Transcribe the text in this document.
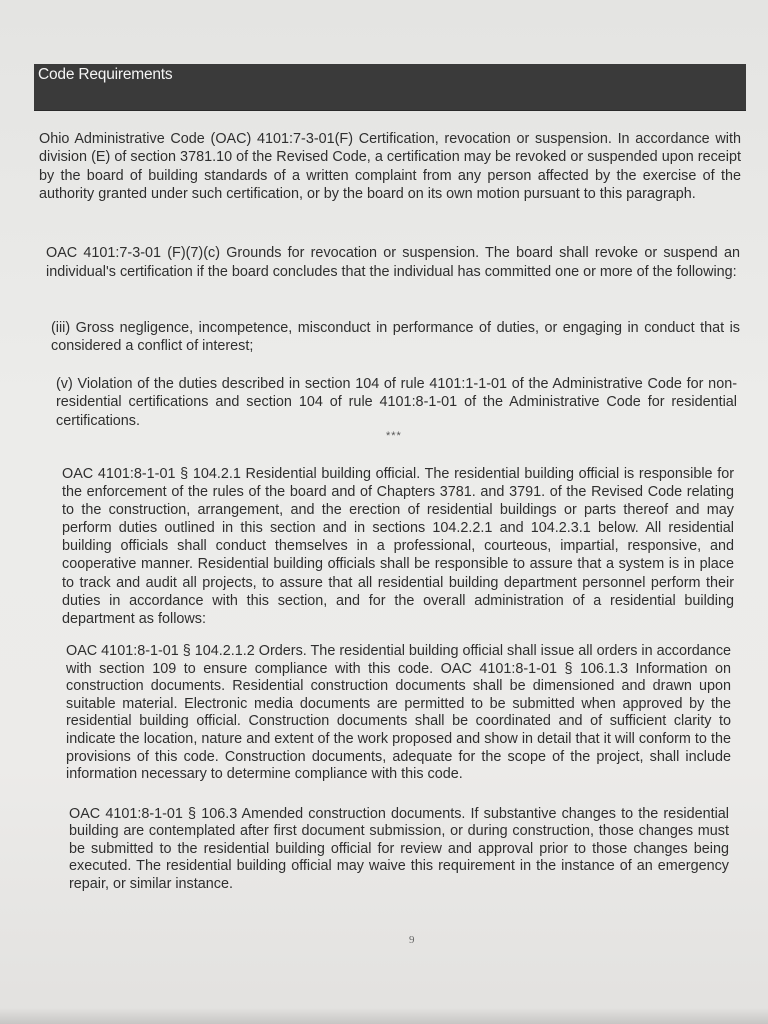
Code Requirements

Ohio Administrative Code (OAC) 4101:7-3-01(F) Certification, revocation or suspension. In accordance with division (E) of section 3781.10 of the Revised Code, a certification may be revoked or suspended upon receipt by the board of building standards of a written complaint from any person affected by the exercise of the authority granted under such certification, or by the board on its own motion pursuant to this paragraph.

OAC 4101:7-3-01 (F)(7)(c) Grounds for revocation or suspension. The board shall revoke or suspend an individual's certification if the board concludes that the individual has committed one or more of the following:

(iii) Gross negligence, incompetence, misconduct in performance of duties, or engaging in conduct that is considered a conflict of interest;

(v) Violation of the duties described in section 104 of rule 4101:1-1-01 of the Administrative Code for non-residential certifications and section 104 of rule 4101:8-1-01 of the Administrative Code for residential certifications.

***

OAC 4101:8-1-01 § 104.2.1 Residential building official. The residential building official is responsible for the enforcement of the rules of the board and of Chapters 3781. and 3791. of the Revised Code relating to the construction, arrangement, and the erection of residential buildings or parts thereof and may perform duties outlined in this section and in sections 104.2.2.1 and 104.2.3.1 below. All residential building officials shall conduct themselves in a professional, courteous, impartial, responsive, and cooperative manner. Residential building officials shall be responsible to assure that a system is in place to track and audit all projects, to assure that all residential building department personnel perform their duties in accordance with this section, and for the overall administration of a residential building department as follows:

OAC 4101:8-1-01 § 104.2.1.2 Orders. The residential building official shall issue all orders in accordance with section 109 to ensure compliance with this code. OAC 4101:8-1-01 § 106.1.3 Information on construction documents. Residential construction documents shall be dimensioned and drawn upon suitable material. Electronic media documents are permitted to be submitted when approved by the residential building official. Construction documents shall be coordinated and of sufficient clarity to indicate the location, nature and extent of the work proposed and show in detail that it will conform to the provisions of this code. Construction documents, adequate for the scope of the project, shall include information necessary to determine compliance with this code.

OAC 4101:8-1-01 § 106.3 Amended construction documents. If substantive changes to the residential building are contemplated after first document submission, or during construction, those changes must be submitted to the residential building official for review and approval prior to those changes being executed. The residential building official may waive this requirement in the instance of an emergency repair, or similar instance.

9
